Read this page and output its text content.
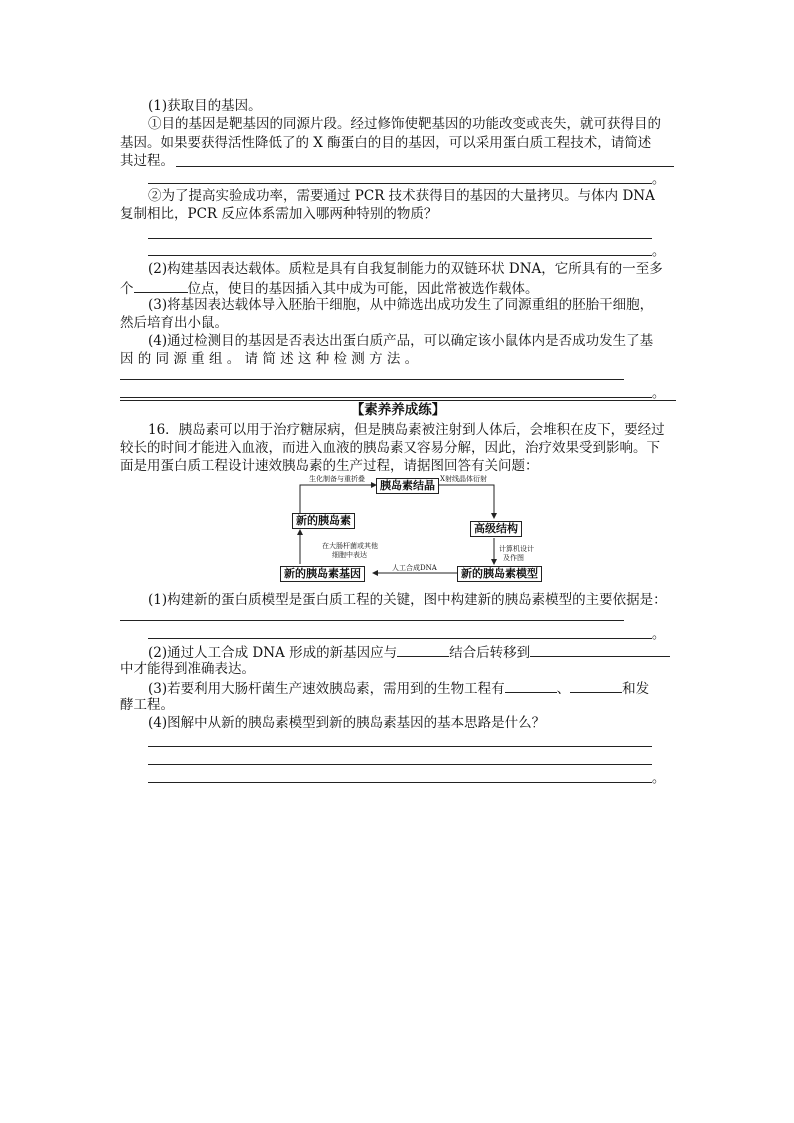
(1)获取目的基因。
①目的基因是靶基因的同源片段。经过修饰使靶基因的功能改变或丧失，就可获得目的
基因。如果要获得活性降低了的 X 酶蛋白的目的基因，可以采用蛋白质工程技术，请简述
其过程。
。
②为了提高实验成功率，需要通过 PCR 技术获得目的基因的大量拷贝。与体内 DNA
复制相比，PCR 反应体系需加入哪两种特别的物质？
。
(2)构建基因表达载体。质粒是具有自我复制能力的双链环状 DNA，它所具有的一至多
个	位点，使目的基因插入其中成为可能，因此常被选作载体。
(3)将基因表达载体导入胚胎干细胞，从中筛选出成功发生了同源重组的胚胎干细胞，
然后培育出小鼠。
(4)通过检测目的基因是否表达出蛋白质产品，可以确定该小鼠体内是否成功发生了基
因 的 同 源 重 组 。 请 简 述 这 种 检 测 方 法 。
。
【素养养成练】
16．胰岛素可以用于治疗糖尿病，但是胰岛素被注射到人体后，会堆积在皮下，要经过
较长的时间才能进入血液，而进入血液的胰岛素又容易分解，因此，治疗效果受到影响。下
面是用蛋白质工程设计速效胰岛素的生产过程，请据图回答有关问题：
胰岛素结晶
高级结构
新的胰岛素模型
新的胰岛素基因
新的胰岛素
生化制备与重折叠	X射线晶体衍射
计算机设计
及作图
人工合成DNA
在大肠杆菌或其他
细胞中表达
(1)构建新的蛋白质模型是蛋白质工程的关键，图中构建新的胰岛素模型的主要依据是：
。
(2)通过人工合成 DNA 形成的新基因应与	结合后转移到
中才能得到准确表达。
(3)若要利用大肠杆菌生产速效胰岛素，需用到的生物工程有	、	和发
酵工程。
(4)图解中从新的胰岛素模型到新的胰岛素基因的基本思路是什么？
。
